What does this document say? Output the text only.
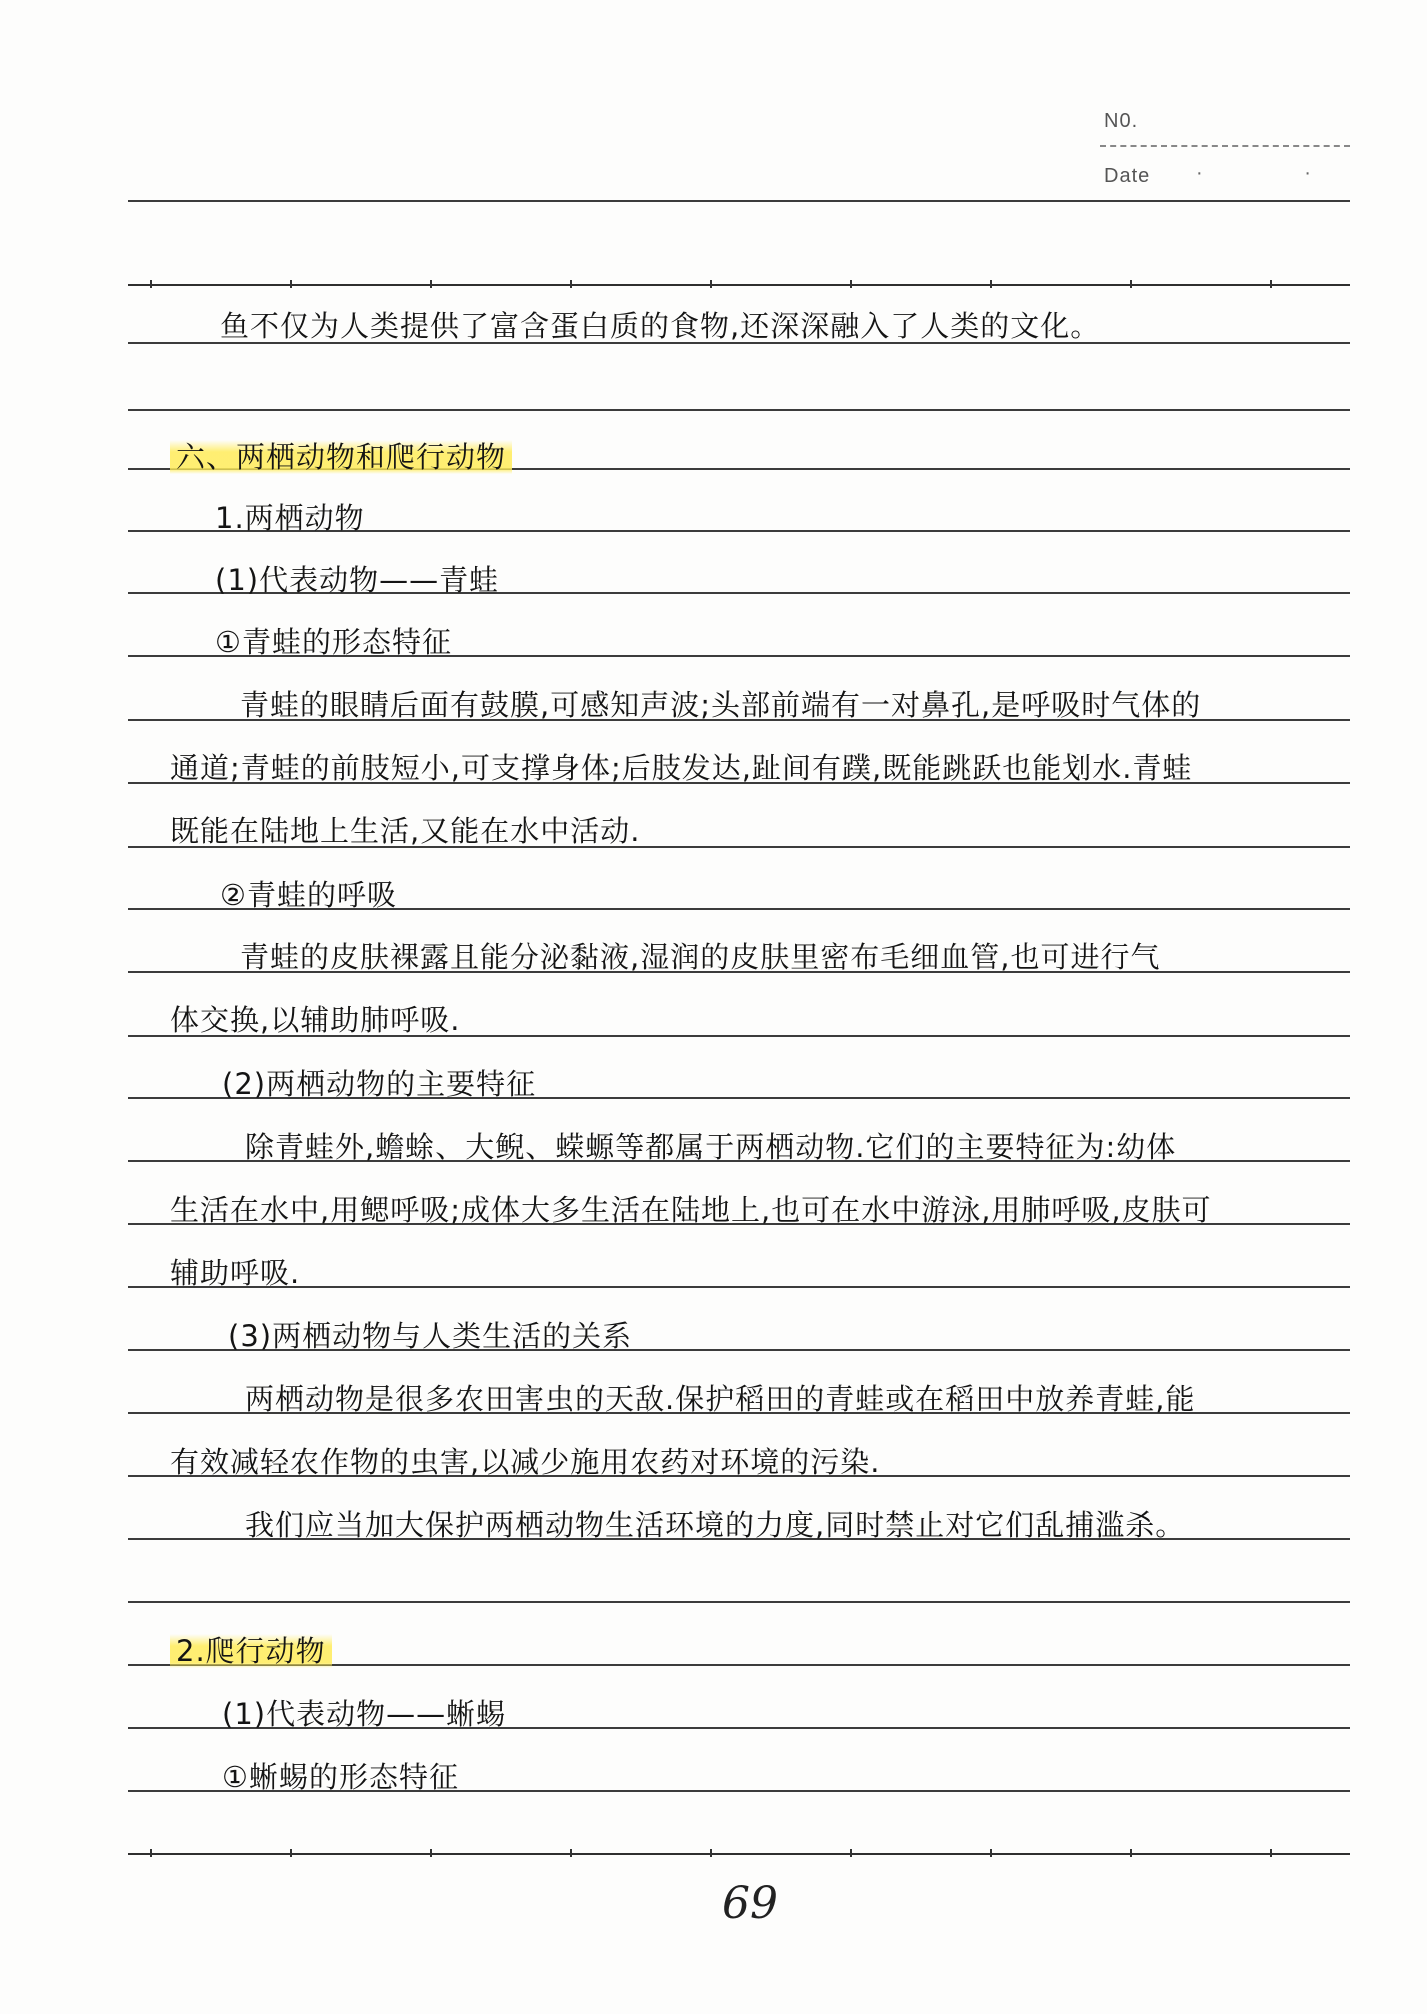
N0.
Date · ·
鱼不仅为人类提供了富含蛋白质的食物,还深深融入了人类的文化。
六、两栖动物和爬行动物
1.两栖动物
(1)代表动物——青蛙
①青蛙的形态特征
青蛙的眼睛后面有鼓膜,可感知声波;头部前端有一对鼻孔,是呼吸时气体的
通道;青蛙的前肢短小,可支撑身体;后肢发达,趾间有蹼,既能跳跃也能划水.青蛙
既能在陆地上生活,又能在水中活动.
②青蛙的呼吸
青蛙的皮肤裸露且能分泌黏液,湿润的皮肤里密布毛细血管,也可进行气
体交换,以辅助肺呼吸.
(2)两栖动物的主要特征
除青蛙外,蟾蜍、大鲵、蝾螈等都属于两栖动物.它们的主要特征为:幼体
生活在水中,用鳃呼吸;成体大多生活在陆地上,也可在水中游泳,用肺呼吸,皮肤可
辅助呼吸.
(3)两栖动物与人类生活的关系
两栖动物是很多农田害虫的天敌.保护稻田的青蛙或在稻田中放养青蛙,能
有效减轻农作物的虫害,以减少施用农药对环境的污染.
我们应当加大保护两栖动物生活环境的力度,同时禁止对它们乱捕滥杀。
2.爬行动物
(1)代表动物——蜥蜴
①蜥蜴的形态特征
69
